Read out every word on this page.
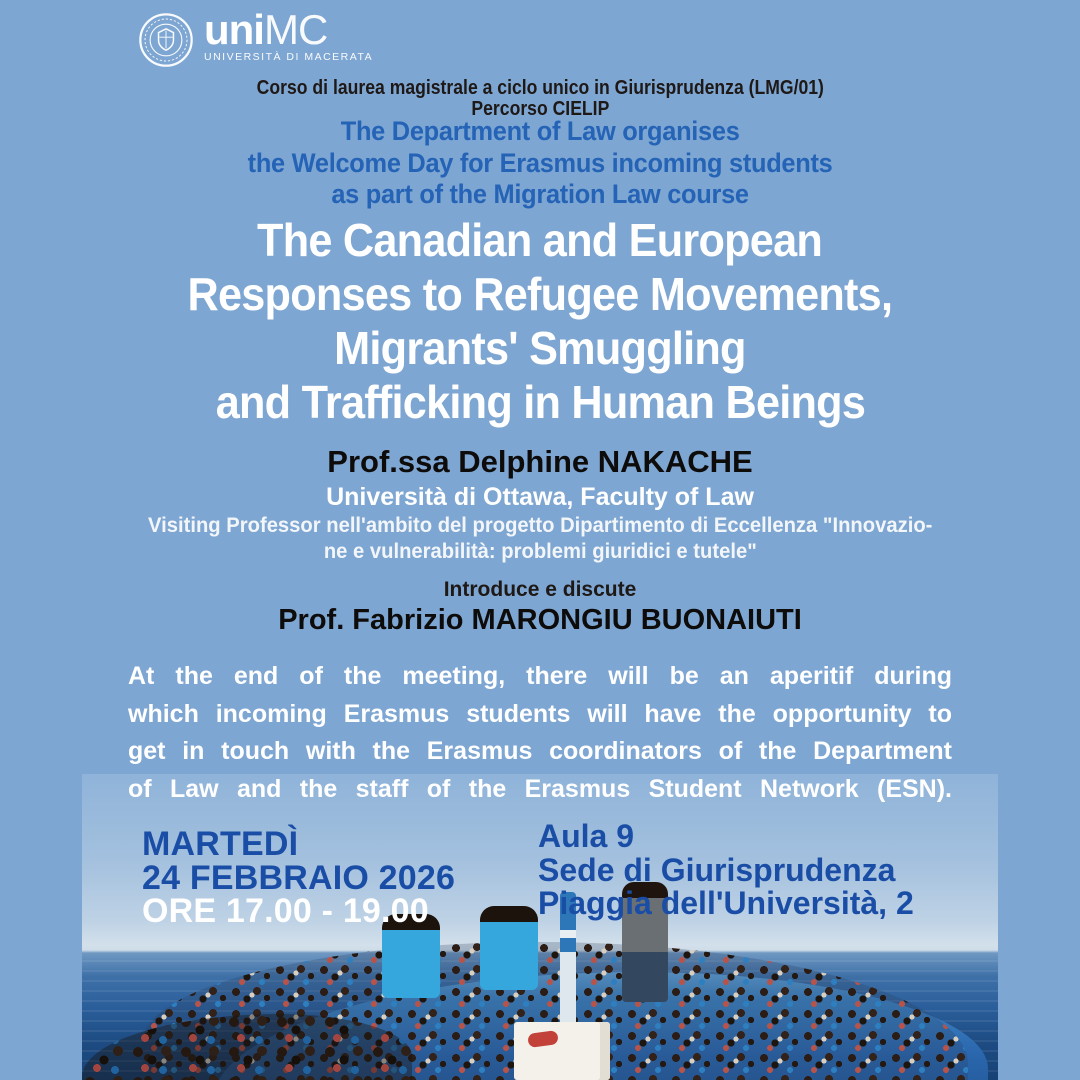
uniMC
UNIVERSITÀ DI MACERATA
Corso di laurea magistrale a ciclo unico in Giurisprudenza (LMG/01)
Percorso CIELIP
The Department of Law organises
the Welcome Day for Erasmus incoming students
as part of the Migration Law course
The Canadian and European
Responses to Refugee Movements,
Migrants' Smuggling
and Trafficking in Human Beings
Prof.ssa Delphine NAKACHE
Università di Ottawa, Faculty of Law
Visiting Professor nell'ambito del progetto Dipartimento di Eccellenza "Innovazio-
ne e vulnerabilità: problemi giuridici e tutele"
Introduce e discute
Prof. Fabrizio MARONGIU BUONAIUTI
At the end of the meeting, there will be an aperitif during
which incoming Erasmus students will have the opportunity to
get in touch with the Erasmus coordinators of the Department
of Law and the staff of the Erasmus Student Network (ESN).
MARTEDÌ
24 FEBBRAIO 2026
ORE 17.00 - 19.00
Aula 9
Sede di Giurisprudenza
Piaggia dell'Università, 2
